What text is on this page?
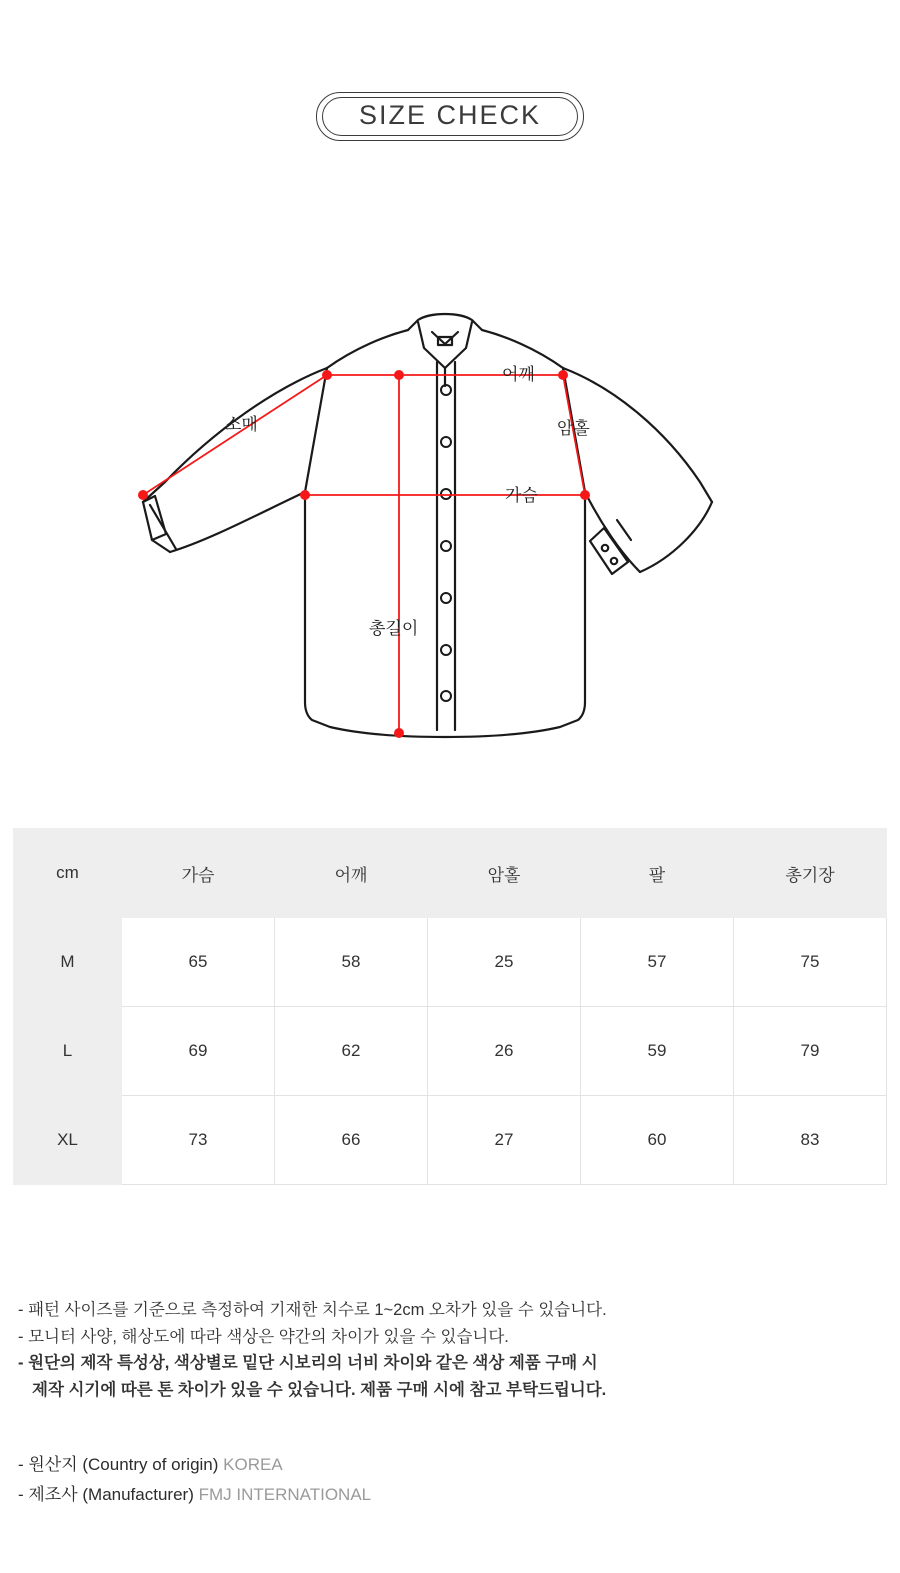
SIZE CHECK
어깨
암홀
소매
가슴
총길이
cm	가슴	어깨	암홀	팔	총기장
M	65	58	25	57	75
L	69	62	26	59	79
XL	73	66	27	60	83
- 패턴 사이즈를 기준으로 측정하여 기재한 치수로 1~2cm 오차가 있을 수 있습니다.
- 모니터 사양, 해상도에 따라 색상은 약간의 차이가 있을 수 있습니다.
- 원단의 제작 특성상, 색상별로 밑단 시보리의 너비 차이와 같은 색상 제품 구매 시
제작 시기에 따른 톤 차이가 있을 수 있습니다. 제품 구매 시에 참고 부탁드립니다.
- 원산지 (Country of origin) KOREA
- 제조사 (Manufacturer) FMJ INTERNATIONAL
